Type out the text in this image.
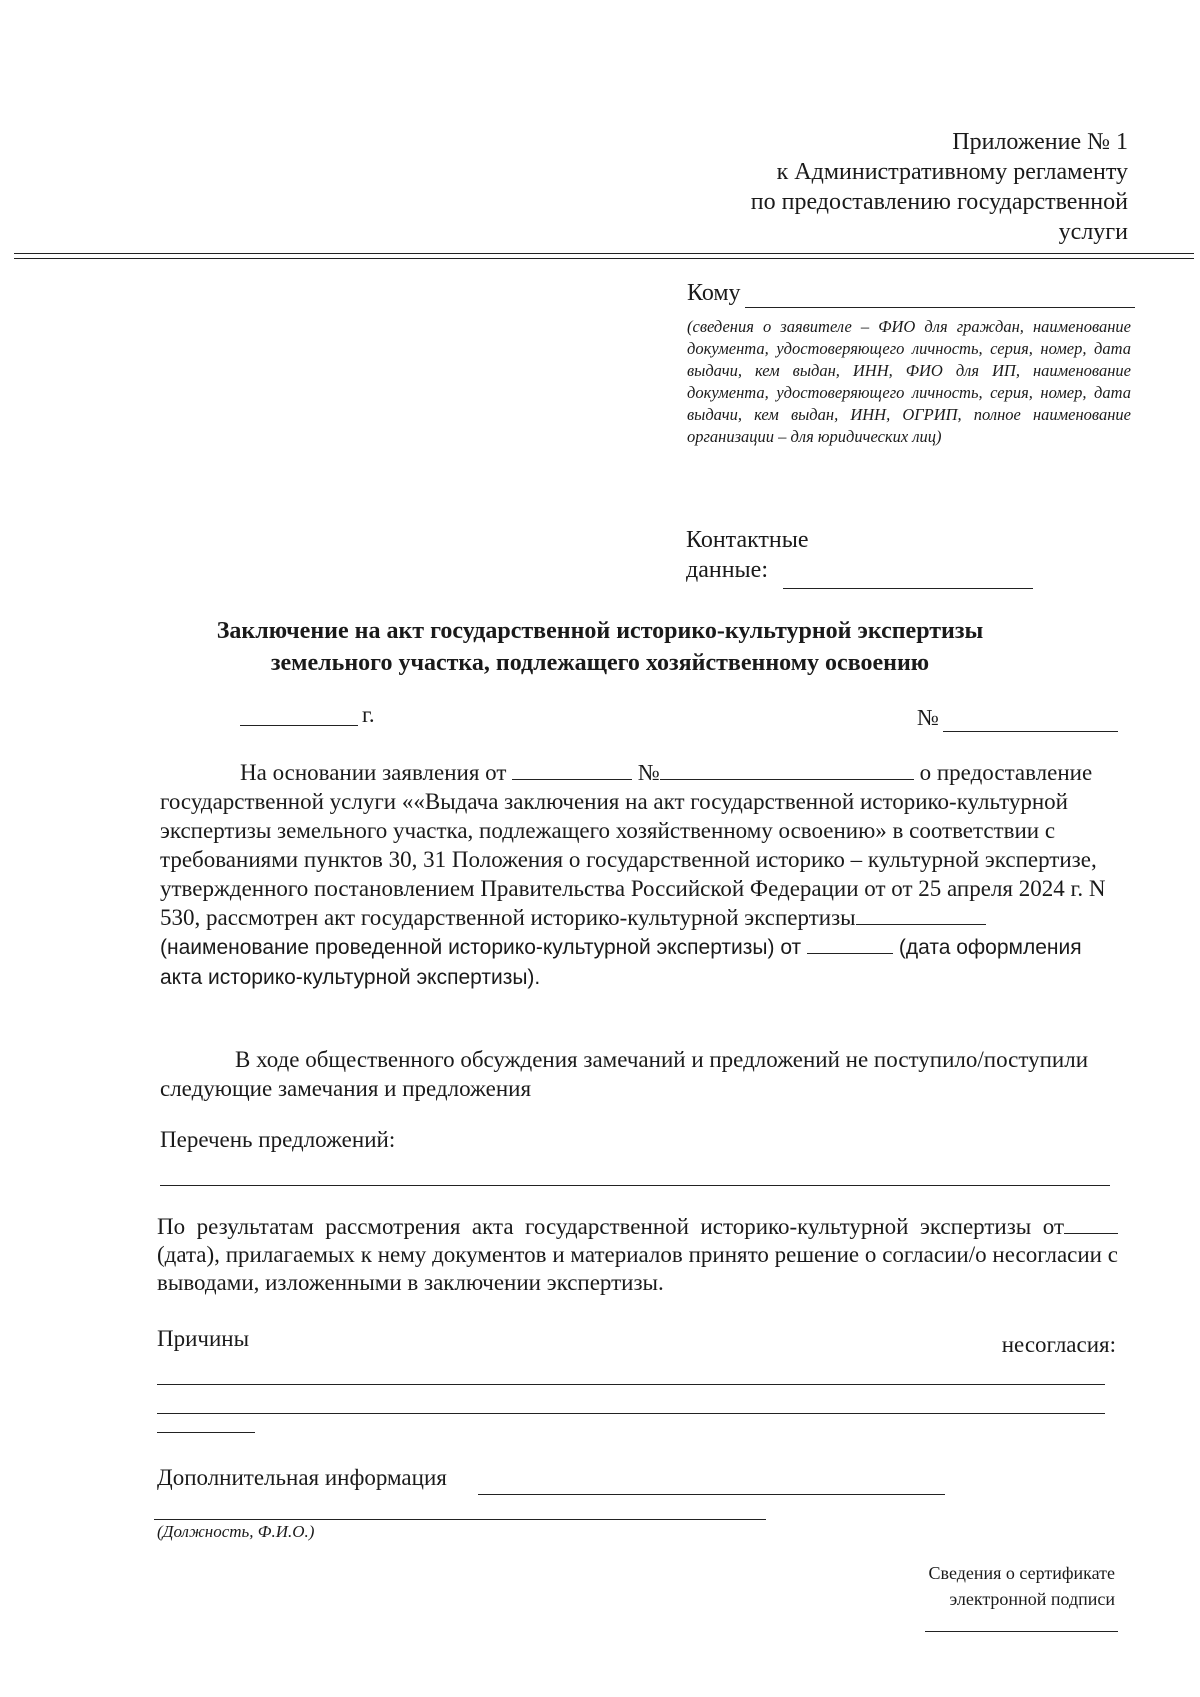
Приложение № 1
к Административному регламенту
по предоставлению государственной
услуги
Кому
(сведения о заявителе – ФИО для граждан, наименование документа, удостоверяющего личность, серия, номер, дата выдачи, кем выдан, ИНН, ФИО для ИП, наименование документа, удостоверяющего личность, серия, номер, дата выдачи, кем выдан, ИНН, ОГРИП, полное наименование организации – для юридических лиц)
Контактные
данные:
Заключение на акт государственной историко-культурной экспертизы
земельного участка, подлежащего хозяйственному освоению
г.	№
На основании заявления от	№	о предоставление государственной услуги ««Выдача заключения на акт государственной историко-культурной экспертизы земельного участка, подлежащего хозяйственному освоению» в соответствии с требованиями пунктов 30, 31 Положения о государственной историко – культурной экспертизе, утвержденного постановлением Правительства Российской Федерации от от 25 апреля 2024 г. N 530, рассмотрен акт государственной историко-культурной экспертизы(наименование проведенной историко-культурной экспертизы) от	(дата оформления акта историко-культурной экспертизы).
В ходе общественного обсуждения замечаний и предложений не поступило/поступили следующие замечания и предложения
Перечень предложений:
По результатам рассмотрения акта государственной историко-культурной экспертизы от (дата), прилагаемых к нему документов и материалов принято решение о согласии/о несогласии с выводами, изложенными в заключении экспертизы.
Причины	несогласия:
Дополнительная информация
(Должность, Ф.И.О.)
Сведения о сертификате
электронной подписи
